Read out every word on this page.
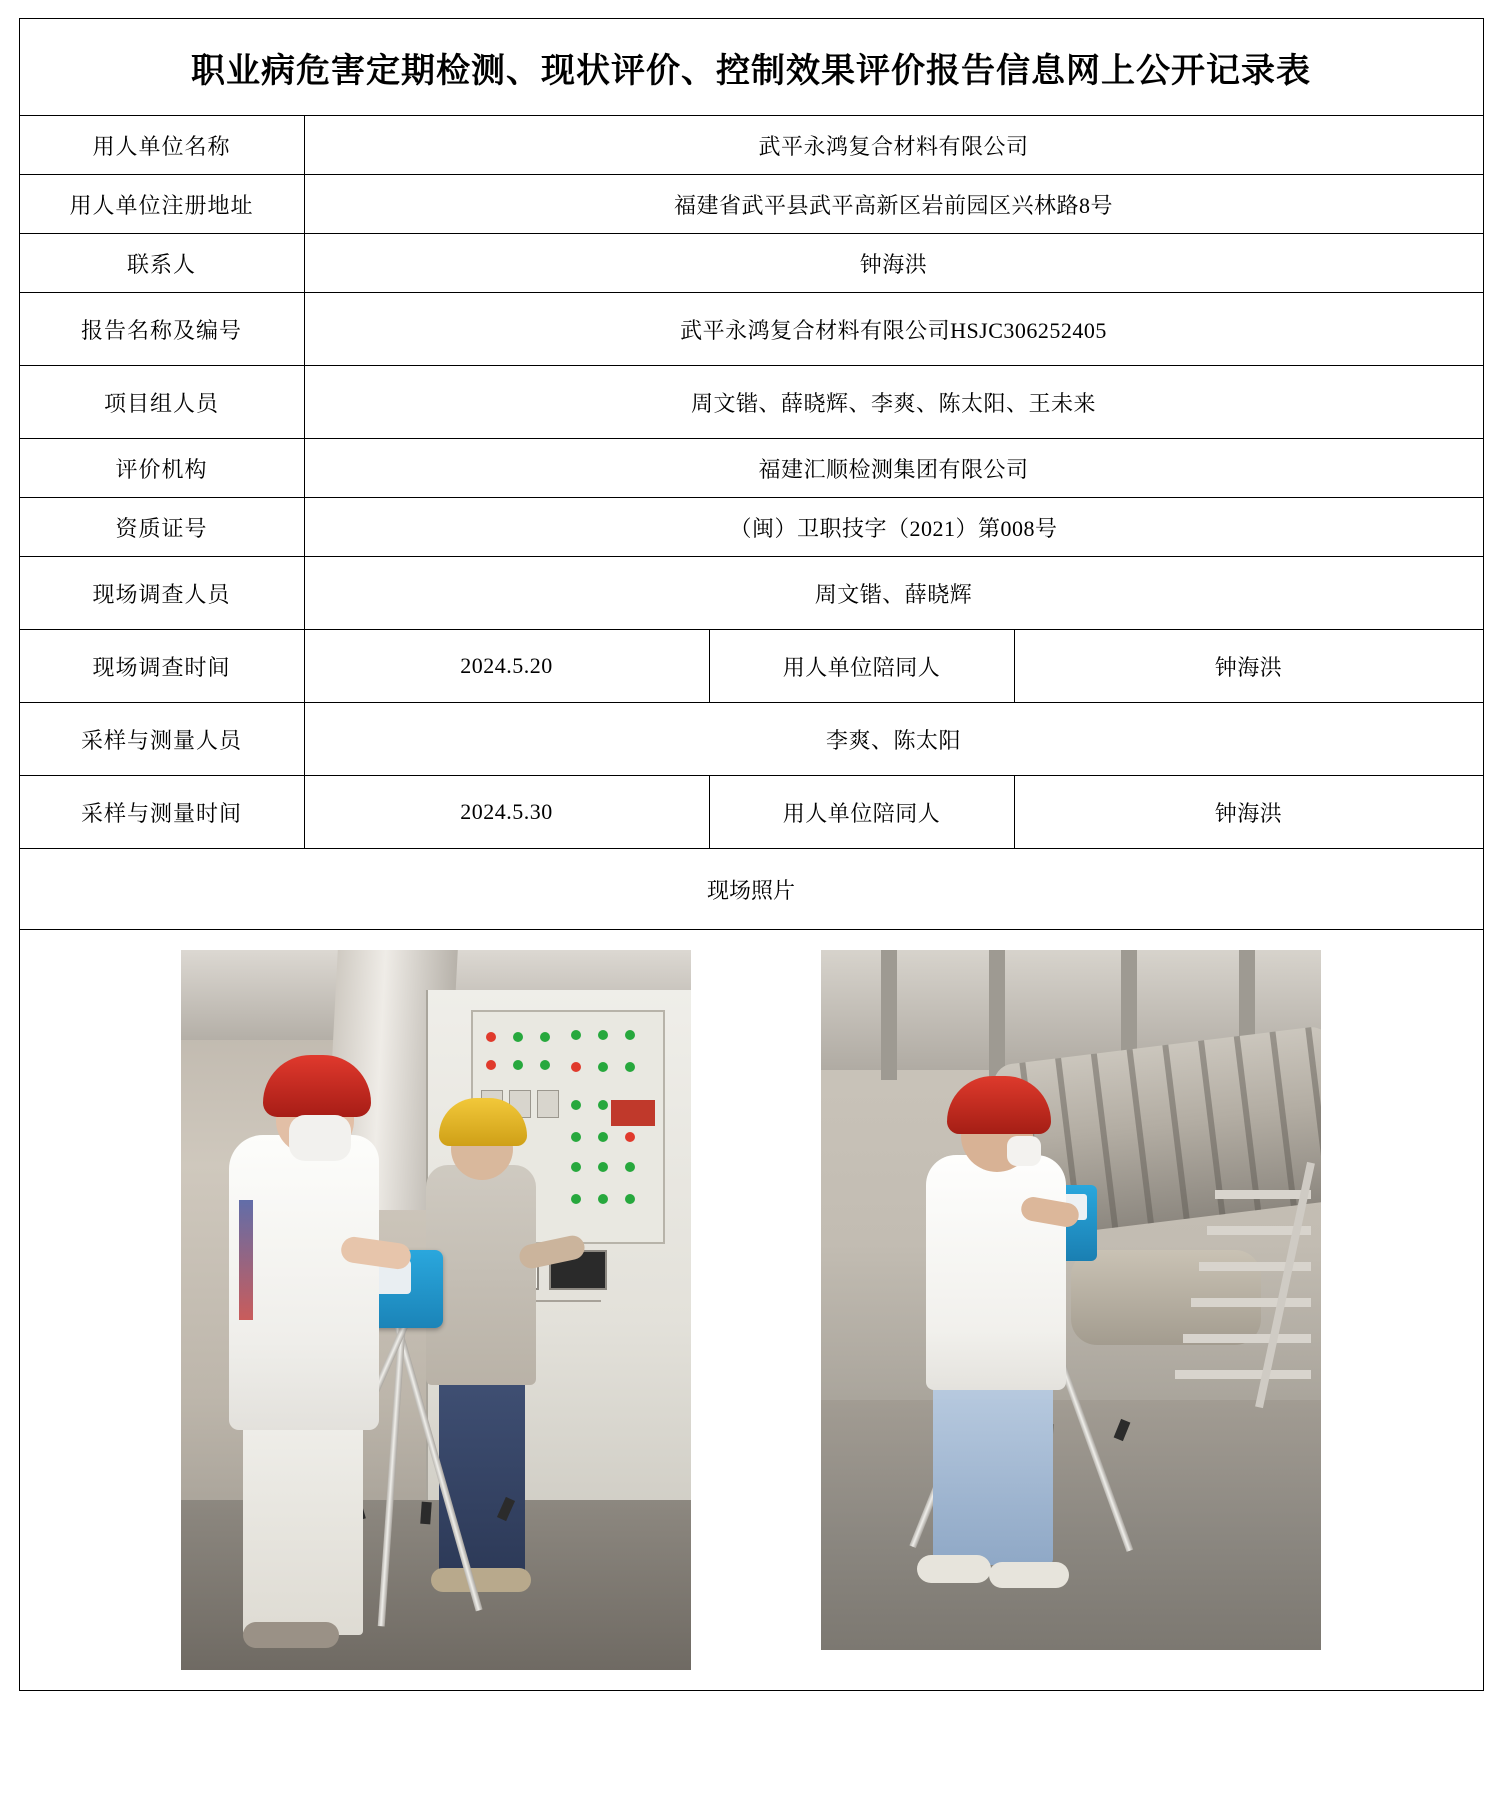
职业病危害定期检测、现状评价、控制效果评价报告信息网上公开记录表			
用人单位名称	武平永鸿复合材料有限公司		
用人单位注册地址	福建省武平县武平高新区岩前园区兴林路8号		
联系人	钟海洪		
报告名称及编号	武平永鸿复合材料有限公司HSJC306252405		
项目组人员	周文锴、薛晓辉、李爽、陈太阳、王未来		
评价机构	福建汇顺检测集团有限公司		
资质证号	（闽）卫职技字（2021）第008号		
现场调查人员	周文锴、薛晓辉		
现场调查时间	2024.5.20	用人单位陪同人	钟海洪
采样与测量人员	李爽、陈太阳		
采样与测量时间	2024.5.30	用人单位陪同人	钟海洪
现场照片			
